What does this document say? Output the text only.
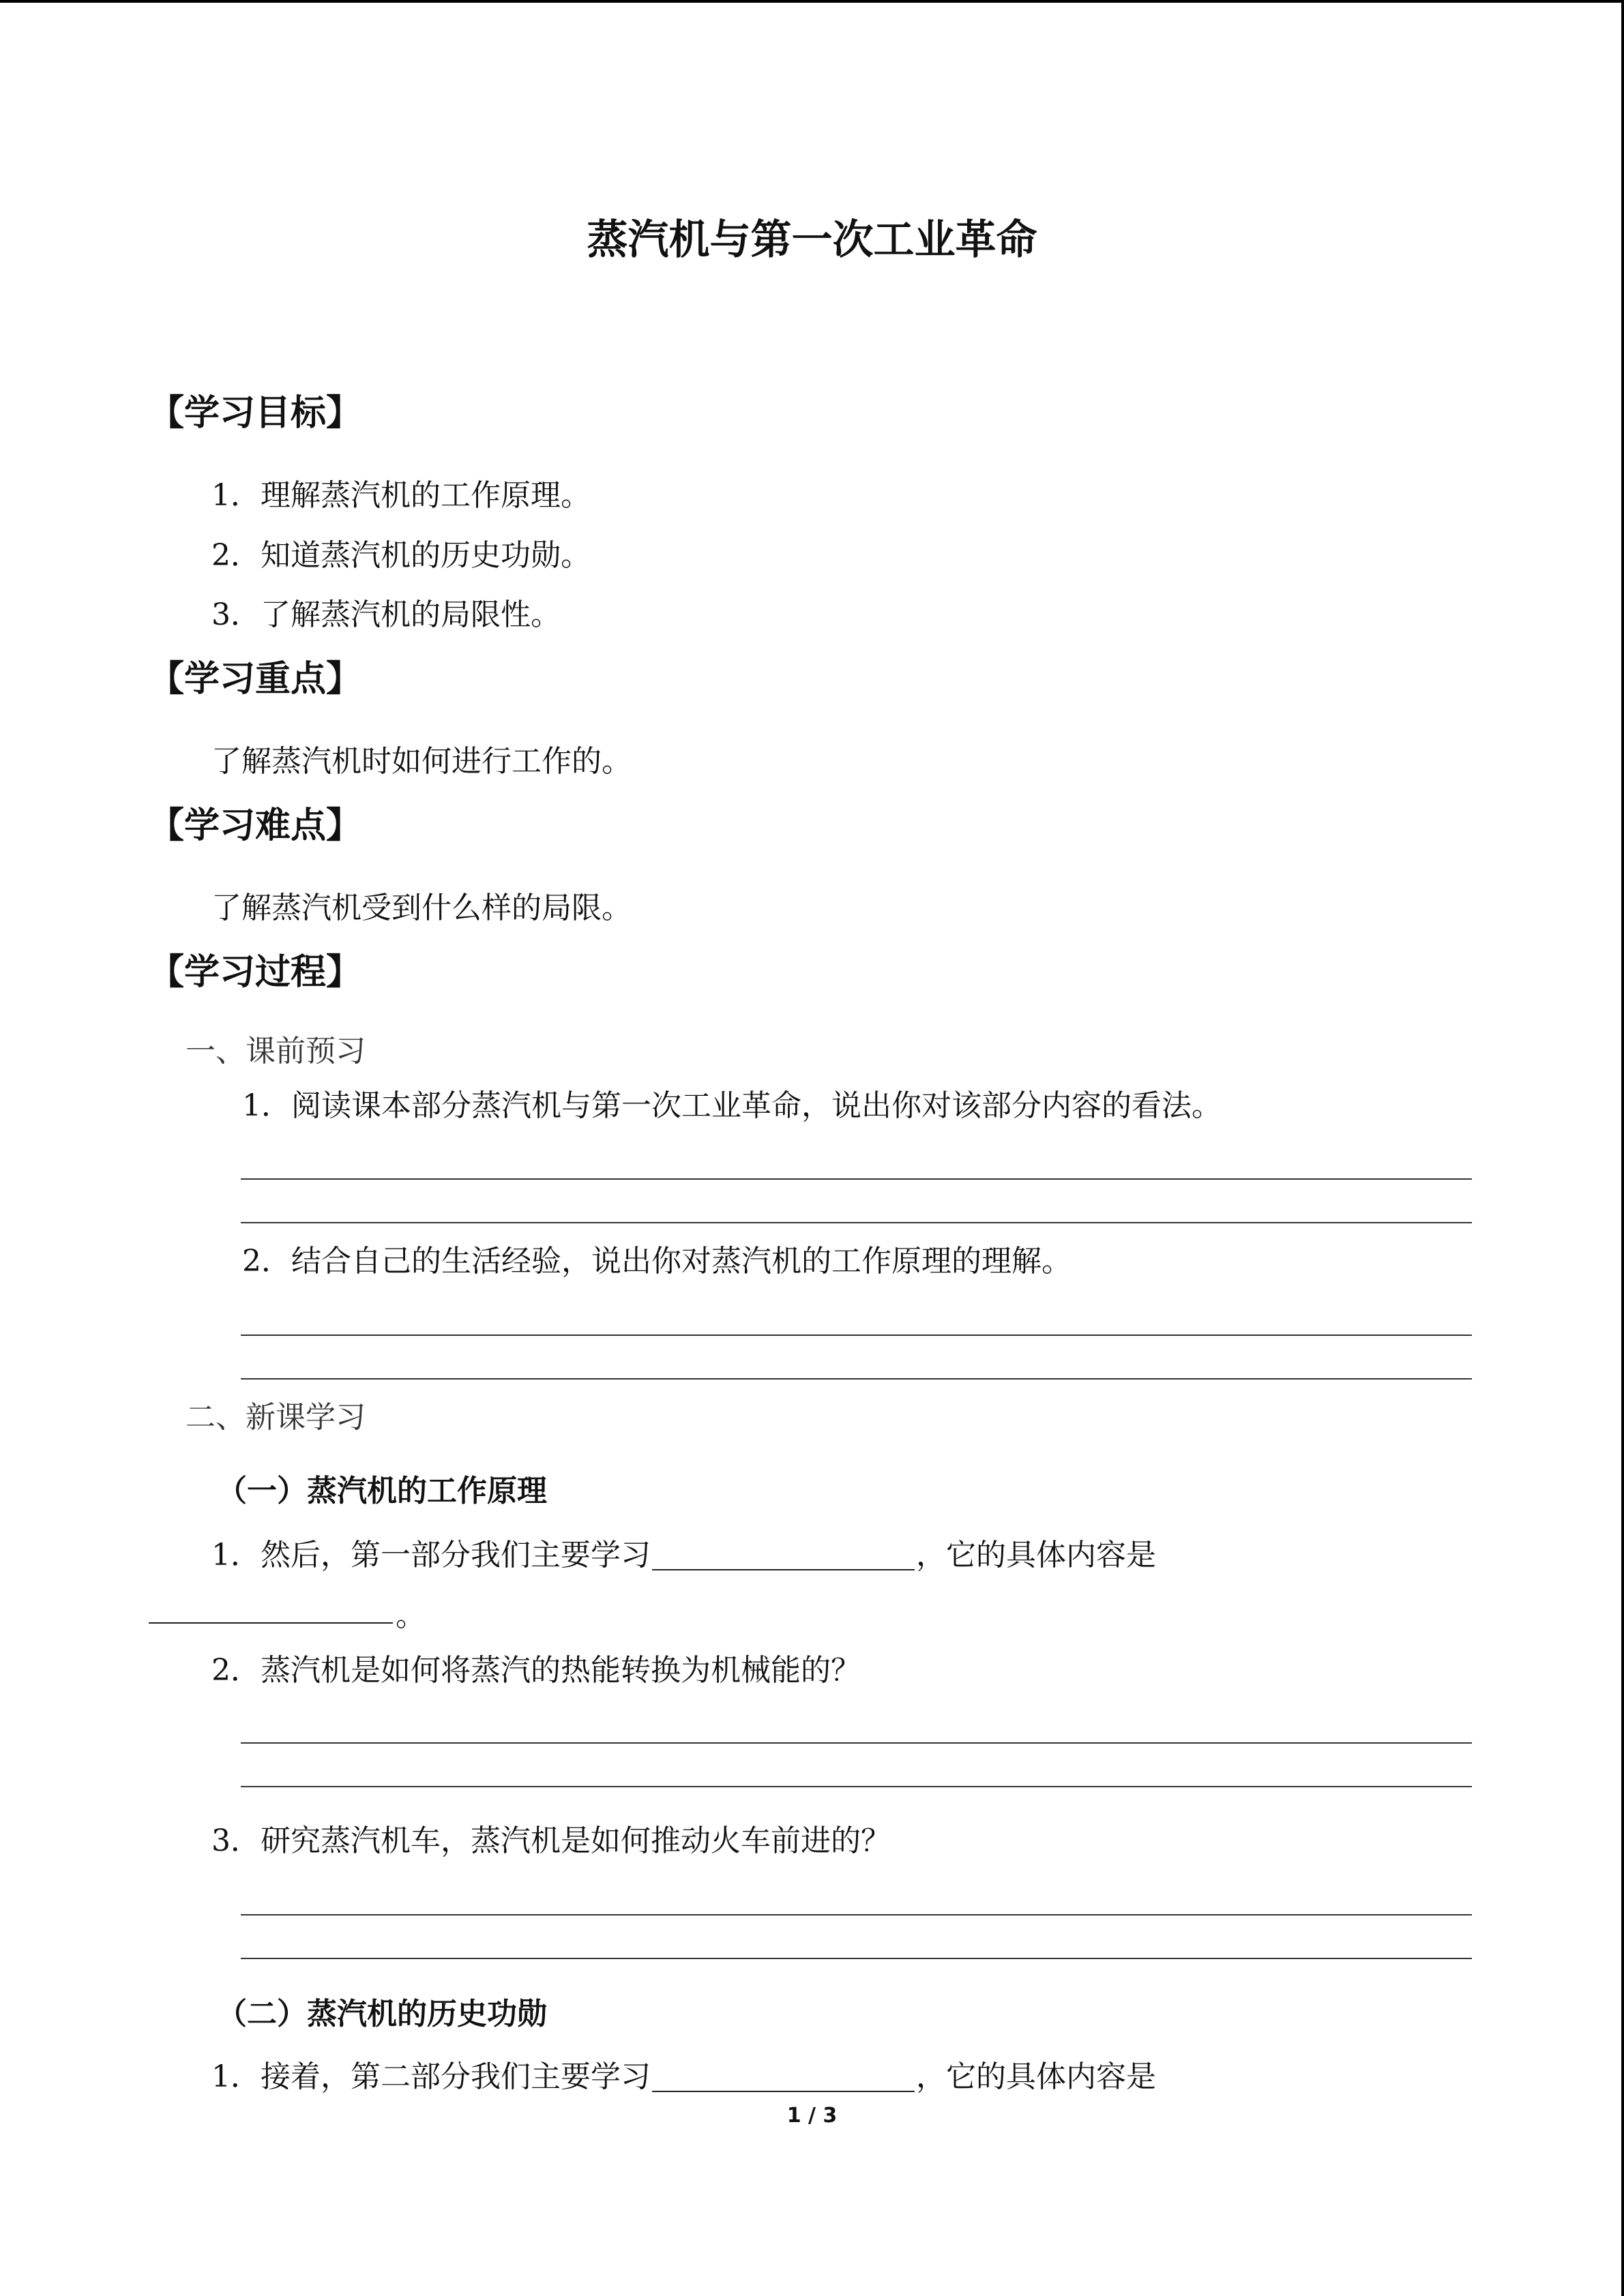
蒸汽机与第一次工业革命
【学习目标】
1．理解蒸汽机的工作原理。
2．知道蒸汽机的历史功勋。
3．了解蒸汽机的局限性。
【学习重点】
了解蒸汽机时如何进行工作的。
【学习难点】
了解蒸汽机受到什么样的局限。
【学习过程】
一、课前预习
1．阅读课本部分蒸汽机与第一次工业革命，说出你对该部分内容的看法。
2．结合自己的生活经验，说出你对蒸汽机的工作原理的理解。
二、新课学习
（一）蒸汽机的工作原理
1．然后，第一部分我们主要学习	，它的具体内容是
。
2．蒸汽机是如何将蒸汽的热能转换为机械能的？
3．研究蒸汽机车，蒸汽机是如何推动火车前进的？
（二）蒸汽机的历史功勋
1．接着，第二部分我们主要学习	，它的具体内容是
1 / 3
